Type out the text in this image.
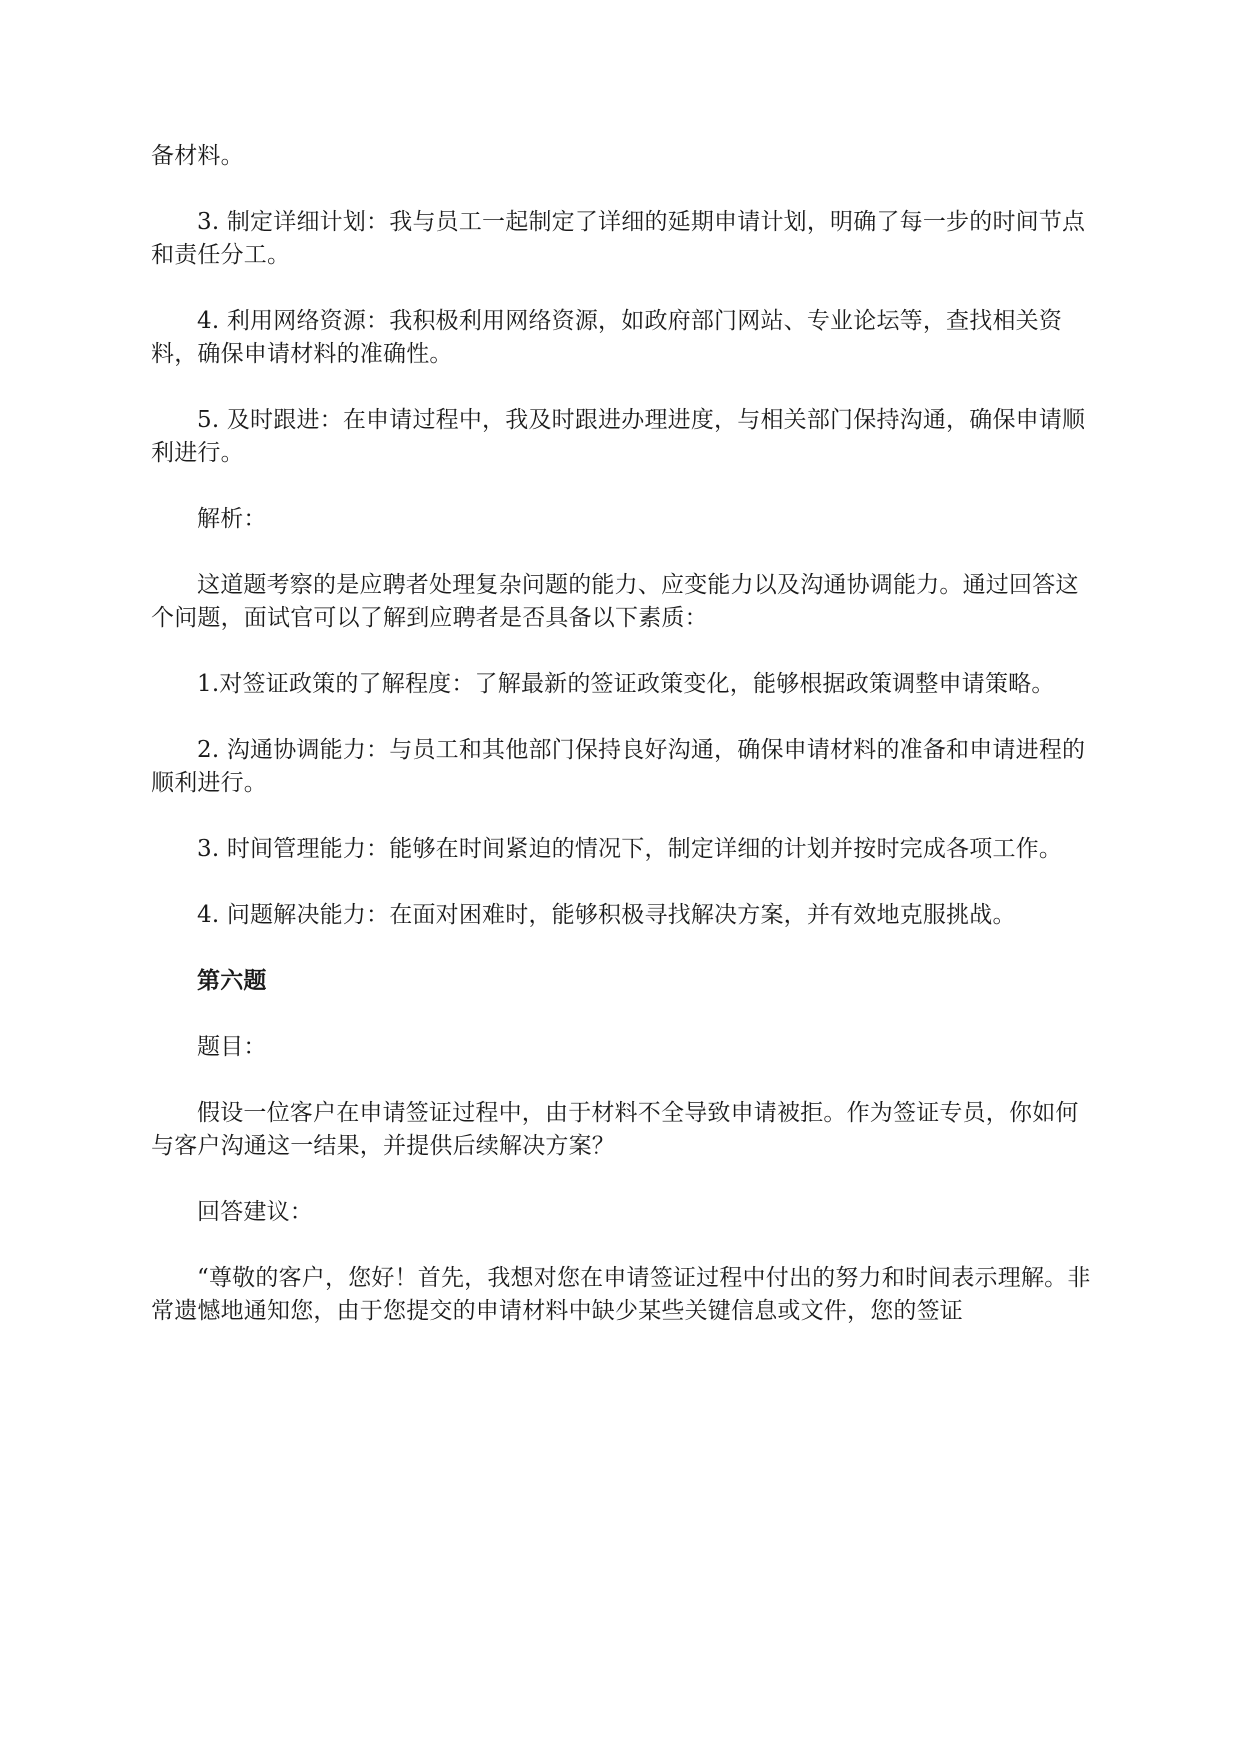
备材料。

3. 制定详细计划：我与员工一起制定了详细的延期申请计划，明确了每一步的时间节点和责任分工。

4. 利用网络资源：我积极利用网络资源，如政府部门网站、专业论坛等，查找相关资料，确保申请材料的准确性。

5. 及时跟进：在申请过程中，我及时跟进办理进度，与相关部门保持沟通，确保申请顺利进行。

解析：

这道题考察的是应聘者处理复杂问题的能力、应变能力以及沟通协调能力。通过回答这个问题，面试官可以了解到应聘者是否具备以下素质：

1.对签证政策的了解程度：了解最新的签证政策变化，能够根据政策调整申请策略。

2. 沟通协调能力：与员工和其他部门保持良好沟通，确保申请材料的准备和申请进程的顺利进行。

3. 时间管理能力：能够在时间紧迫的情况下，制定详细的计划并按时完成各项工作。

4. 问题解决能力：在面对困难时，能够积极寻找解决方案，并有效地克服挑战。

第六题

题目：

假设一位客户在申请签证过程中，由于材料不全导致申请被拒。作为签证专员，你如何与客户沟通这一结果，并提供后续解决方案？

回答建议：

“尊敬的客户，您好！首先，我想对您在申请签证过程中付出的努力和时间表示理解。非常遗憾地通知您，由于您提交的申请材料中缺少某些关键信息或文件，您的签证
